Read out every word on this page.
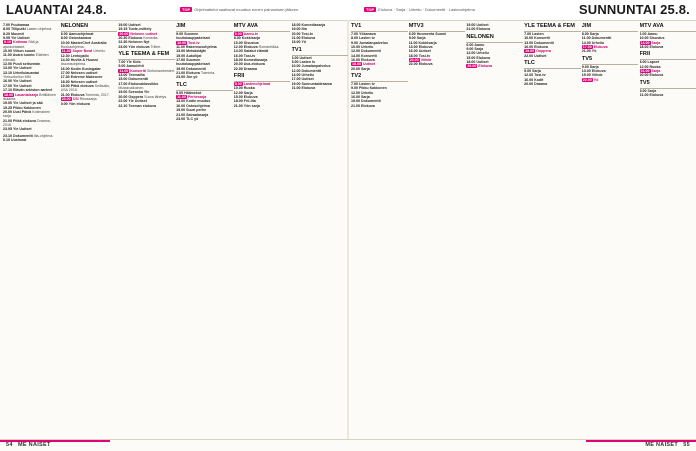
LAUANTAI 24.8.	TOP Ohjelmatietot saattavat muuttua ennen painamisen jälkeen.	TOP Elokuva · Sarja · Urheilu · Dokumentti · Lastenohjelma	SUNNUNTAI 25.8.

7.00 Puuhamaa

8.00 Tilliputki Lasten ohjelma.

8.20 Muumit

9.05 Yle Uutiset

9.10 Kotimaa Sää ja ajankohtaiset.

10.00 Viikon suomi

11.00 Avara luonto Eläinten elämää.

12.00 Puoli seitsemän

13.00 Yle Uutiset

13.10 Urheilulauantai Yleisurheilun MM.

16.00 Yle Uutiset

17.00 Yle Uutiset

17.10 Elävän arkiston aarteet

18.00 Lauantaisarja Brittiläinen draama.

19.00 Yle Uutiset ja sää

19.25 Pikku Kakkonen

20.00 Uusi Päivä Kotimainen sarja.

21.00 Pitkä elokuva Draama, 2016.

23.05 Yle Uutiset

23.10 Dokumentti Ilta-ohjelma.

0.10 Uusinnat

NELONEN

6.00 Aamuohjelmat

8.00 Ostoskanava

10.00 MasterChef Australia Ruokaohjelma.

11.30 Super Bowl Urheilu.

12.30 Lentopallo

14.30 Huvila & Huussi Asumisohjelma.

16.00 Kodin Kuningatar

17.00 Nelosen uutiset

17.30 Extreme Makeover

18.30 Nelosen uutiset

19.00 Pitkä elokuva Seikkailu, USA 2015.

21.00 Elokuva Toiminta, 2017.

23.00 CSI Rikossarja.

0.00 Yön elokuva

19.00 Uutiset

19.15 Tuote-esittely

20.00 Nelosen uutiset

20.30 Elokuva Komedia.

22.30 Nelonen Nyt

23.00 Yön elokuva Trilleri.

YLE TEEMA & FEM

7.00 Yle Kids

9.00 Aamulehti

11.00 Konsertti Sinfoniaorkesteri.

13.00 Teemailta

15.00 Dokumentti

17.00 Elokuvaklassikko Mustavalkoinen.

19.00 Svenska Yle

20.00 Ooppera Suora lähetys.

22.00 Yle Uutiset

22.10 Teeman elokuva

JIM

9.00 Suomen huutokauppakeisari

10.00 Tosi-tv

11.00 Rakennusohjelma

13.00 Metsästäjät

15.00 Autoilijat

17.00 Suomen huutokauppakeisari

19.00 Dokumentti

21.00 Elokuva Toiminta.

23.00 Jim yö

TLC

9.00 Häämekot

11.00 Perhesarja

13.00 Kodin muutos

16.00 Ostosohjelma

19.00 Suuri perhe

21.00 Sairaalasarja

23.00 TLC yö

MTV AVA

6.00 Aamu-tv

8.00 Kokkisarja

10.00 Sisustus

12.00 Elokuva Romantiikka.

14.00 Salatut elämät

16.00 Tosi-tv

18.00 Komediasarja

20.00 Ava-elokuva

22.00 Draama

FRII

8.00 Lastenohjelmat

10.00 Ruoka

12.00 Sarja

15.00 Elokuva

18.00 Frii-ilta

21.00 Yön sarja

18.00 Komediasarja

19.00 Ilta

20.00 Tosi-tv

21.00 Elokuva

23.00 Yö

TV1

6.00 Uutiset

8.00 Lasten tv

10.00 Jumalanpalvelus

12.00 Dokumentti

14.00 Urheilu

17.00 Uutiset

19.00 Sunnuntaidraama

21.00 Elokuva

TV1

7.00 Yökanava

8.00 Lasten tv

9.00 Jumalanpalvelus

10.00 Urheilu

12.00 Dokumentti

14.00 Konsertti

16.00 Elokuva

18.00 Uutiset

20.00 Sarja

TV2

7.00 Lasten tv

9.00 Pikku Kakkonen

12.00 Urheilu

16.00 Sarja

19.00 Dokumentti

21.00 Elokuva

MTV3

6.00 Huomenta Suomi

9.00 Sarja

11.00 Kokkisarja

13.00 Elokuva

16.00 Uutiset

18.00 Tosi-tv

20.00 Viihde

22.00 Elokuva

19.00 Uutiset

21.00 Elokuva

NELONEN

6.00 Aamu

9.00 Sarja

12.00 Urheilu

15.00 Elokuva

18.00 Uutiset

20.00 Elokuva

YLE TEEMA & FEM

7.00 Lasten

10.00 Konsertti

13.00 Dokumentti

16.00 Elokuva

19.00 Ooppera

22.00 Uutiset

TLC

9.00 Sarja

12.00 Tosi-tv

16.00 Kodit

20.00 Draama

JIM

8.00 Sarja

11.00 Dokumentti

14.00 Urheilu

17.00 Elokuva

21.00 Yö

TV5

9.00 Sarja

13.00 Elokuva

19.00 Viihde

22.00 Yö

MTV AVA

6.00 Aamu

10.00 Sisustus

14.00 Sarja

18.00 Elokuva

FRII

8.00 Lapset

12.00 Ruoka

16.00 Sarja

20.00 Elokuva

TV5

9.00 Sarja

21.00 Elokuva

54 ME NAISET	ME NAISET 55
